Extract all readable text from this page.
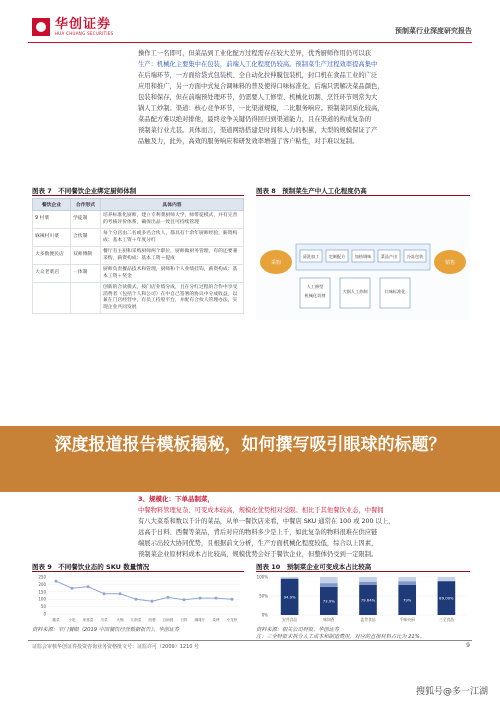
华创证券
HUA CHUANG SECURITIES	预制菜行业深度研究报告
操作工一名即可，但菜品到工业化配方过程需存在较大差异，优秀厨师作用仍可以获
生产：机械化主要集中在包装，前端人工化程度仍较高。预制菜生产过程效率提高集中
在后端环节，一方面给袋式包装机、全自动化拉伸膜包装机，封口机在食品工业的广泛
应用和推广，另一方面中式复合调味料的普及使得口味标准化，后端只需解决菜品颜色，
包装和保存，但在前端预处理环节，仍需要人工修型、机械化切割、烹饪环节则常为大
锅人工炒制。渠道：核心竞争环节，一比渠道规模，二比服务响应。预制菜同质化较高，
菜品配方难以绝对排他，最终竞争关键仍得回归到渠道能力，且在渠道的构成复杂的
预制菜行业尤甚。具体而言，渠道网络搭建是时间和人力的积累，大型的规模保证了产
品触及力，此外，高效的服务响应和研发效率增强了客户粘性，对手难以复制。
图表 7　不同餐饮企业绑定厨师体制
餐饮企业	合作形式	具体内容
9 村菜	学徒制	培养标准化厨师，建立专利菜厨师大学，师带徒模式，并有完善的考核评价体系，确保出品一致且可持续管理
麻辣村川菜	合伙制	每个分店由二名或多名合伙人，都具有十余年厨师经验，薪资构成：基本工资＋年度分红
大多数便民店	双师傅制	餐厅有主厨和采购厨师两个职位，厨师做厨务管理，有的还要兼采购，薪资构成：基本工资＋提成
大众老菜店	一体制	厨师负责餐品技术和管理，厨师和个人业绩挂钩，薪资构成：基本工资＋奖金
		创新的合伙模式，按门店业绩分成，且在分红过程的合作中享受消费者（包括个人和公司）在中自己签署的协议中分成收益，以兼在门店经营中，有员工持股平台，并配有合伙人管理办法，实现企业共同发展
图表 8　预制菜生产中人工化程度仍高
采购	销售
清洗加工 定制配方 加热调味 菜品产出 冷冻包装
人工修型
机械化切割
大锅人工炒制	口味标准化
深度报道报告模板揭秘，如何撰写吸引眼球的标题？
3、规模化：下单品制菜，
中餐物料管理复杂、可变成本较高，规模化优势相对受限。相比于其他餐饮业态，中餐拥
有八大菜系和数以千计的菜品，从单一餐饮店来看，中餐店 SKU 通常在 100 或 200 以上，
远高于日料、西餐等菜品，背后对应的物料多少是上千，如此复杂的物料很难在供应链
端展示出较大协同优势，且根据前文分析，生产方面机械化程度较低，综合以上因素，
预制菜企业原材料成本占比较高，规模优势会好于餐饮企业，但整体仍受到一定限制。
图表 9　不同餐饮业态的 SKU 数量情况
0
50
100
150
200
250
徽菜 小吃 家常菜 川菜 火锅 江浙菜 西餐 自助餐 日料 咖啡厅 烧烤 小龙虾
资料来源：窄门餐眼《2019 中国餐饮经营数据报告》、华创证券
图表 10　预制菜企业可变成本占比较高
0%
50%
100%
94.9%
安井食品
73.9%
味知香
79.64%
盖世食品
79%
千味央厨
89.09%
三全食品
资料来源：相关公司财报、华创证券
注：三全财报未拆分人工成本和制造费用，对应的直接材料占比为 21%。
证监会审核华创证券投资咨询业务资格批文号：证监许可（2009）1210 号	9
搜狐号@多一江湖
